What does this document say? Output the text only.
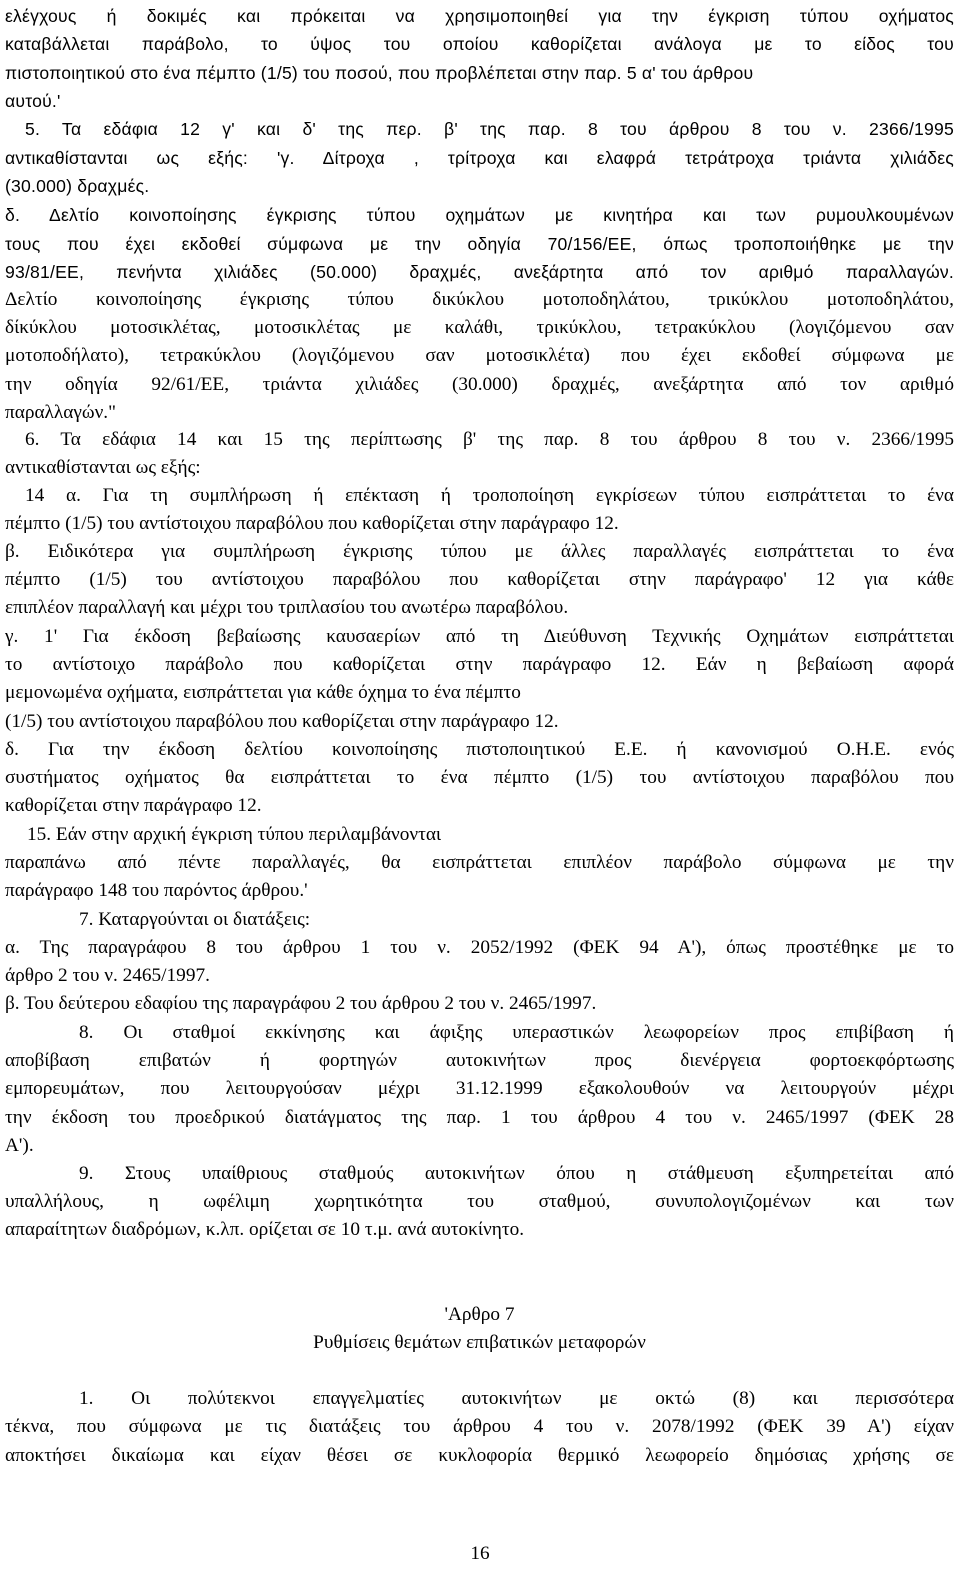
ελέγχους ή δοκιμές και πρόκειται να χρησιμοποιηθεί για την έγκριση τύπου οχήματος
καταβάλλεται παράβολο, το ύψος του οποίου καθορίζεται ανάλογα με το είδος του
πιστοποιητικού στο ένα πέμπτο (1/5) του ποσού, που προβλέπεται στην παρ. 5 α' του άρθρου
αυτού.'
5. Τα εδάφια 12 γ' και δ' της περ. β' της παρ. 8 του άρθρου 8 του ν. 2366/1995
αντικαθίστανται ως εξής: 'γ. Δίτροχα , τρίτροχα και ελαφρά τετράτροχα τριάντα χιλιάδες
(30.000) δραχμές.
δ. Δελτίο κοινοποίησης έγκρισης τύπου οχημάτων με κινητήρα και των ρυμουλκουμένων
τους που έχει εκδοθεί σύμφωνα με την οδηγία 70/156/ΕΕ, όπως τροποποιήθηκε με την
93/81/ΕΕ, πενήντα χιλιάδες (50.000) δραχμές, ανεξάρτητα από τον αριθμό παραλλαγών.
Δελτίο κοινοποίησης έγκρισης τύπου δικύκλου μοτοποδηλάτου, τρικύκλου μοτοποδηλάτου,
δίκύκλου μοτοσικλέτας, μοτοσικλέτας με καλάθι, τρικύκλου, τετρακύκλου (λογιζόμενου σαν
μοτοποδήλατο), τετρακύκλου (λογιζόμενου σαν μοτοσικλέτα) που έχει εκδοθεί σύμφωνα με
την οδηγία 92/61/ΕΕ, τριάντα χιλιάδες (30.000) δραχμές, ανεξάρτητα από τον αριθμό
παραλλαγών."
6. Τα εδάφια 14 και 15 της περίπτωσης β' της παρ. 8 του άρθρου 8 του ν. 2366/1995
αντικαθίστανται ως εξής:
14 α. Για τη συμπλήρωση ή επέκταση ή τροποποίηση εγκρίσεων τύπου εισπράττεται το ένα
πέμπτο (1/5) του αντίστοιχου παραβόλου που καθορίζεται στην παράγραφο 12.
β. Ειδικότερα για συμπλήρωση έγκρισης τύπου με άλλες παραλλαγές εισπράττεται το ένα
πέμπτο (1/5) του αντίστοιχου παραβόλου που καθορίζεται στην παράγραφο' 12 για κάθε
επιπλέον παραλλαγή και μέχρι του τριπλασίου του ανωτέρω παραβόλου.
γ. 1' Για έκδοση βεβαίωσης καυσαερίων από τη Διεύθυνση Τεχνικής Οχημάτων εισπράττεται
το αντίστοιχο παράβολο που καθορίζεται στην παράγραφο 12. Εάν η βεβαίωση αφορά
μεμονωμένα οχήματα, εισπράττεται για κάθε όχημα το ένα πέμπτο
(1/5) του αντίστοιχου παραβόλου που καθορίζεται στην παράγραφο 12.
δ. Για την έκδοση δελτίου κοινοποίησης πιστοποιητικού Ε.Ε. ή κανονισμού Ο.Η.Ε. ενός
συστήματος οχήματος θα εισπράττεται το ένα πέμπτο (1/5) του αντίστοιχου παραβόλου που
καθορίζεται στην παράγραφο 12.
15. Εάν στην αρχική έγκριση τύπου περιλαμβάνονται
παραπάνω από πέντε παραλλαγές, θα εισπράττεται επιπλέον παράβολο σύμφωνα με την
παράγραφο 148 του παρόντος άρθρου.'
7. Καταργούνται οι διατάξεις:
α. Της παραγράφου 8 του άρθρου 1 του ν. 2052/1992 (ΦΕΚ 94 Α'), όπως προστέθηκε με το
άρθρο 2 του ν. 2465/1997.
β. Του δεύτερου εδαφίου της παραγράφου 2 του άρθρου 2 του ν. 2465/1997.
8. Οι σταθμοί εκκίνησης και άφιξης υπεραστικών λεωφορείων προς επιβίβαση ή
αποβίβαση επιβατών ή φορτηγών αυτοκινήτων προς διενέργεια φορτοεκφόρτωσης
εμπορευμάτων, που λειτουργούσαν μέχρι 31.12.1999 εξακολουθούν να λειτουργούν μέχρι
την έκδοση του προεδρικού διατάγματος της παρ. 1 του άρθρου 4 του ν. 2465/1997 (ΦΕΚ 28
Α').
9. Στους υπαίθριους σταθμούς αυτοκινήτων όπου η στάθμευση εξυπηρετείται από
υπαλλήλους, η ωφέλιμη χωρητικότητα του σταθμού, συνυπολογιζομένων και των
απαραίτητων διαδρόμων, κ.λπ. ορίζεται σε 10 τ.μ. ανά αυτοκίνητο.
'Αρθρο 7
Ρυθμίσεις θεμάτων επιβατικών μεταφορών
1. Οι πολύτεκνοι επαγγελματίες αυτοκινήτων με οκτώ (8) και περισσότερα
τέκνα, που σύμφωνα με τις διατάξεις του άρθρου 4 του ν. 2078/1992 (ΦΕΚ 39 Α') είχαν
αποκτήσει δικαίωμα και είχαν θέσει σε κυκλοφορία θερμικό λεωφορείο δημόσιας χρήσης σε
16
